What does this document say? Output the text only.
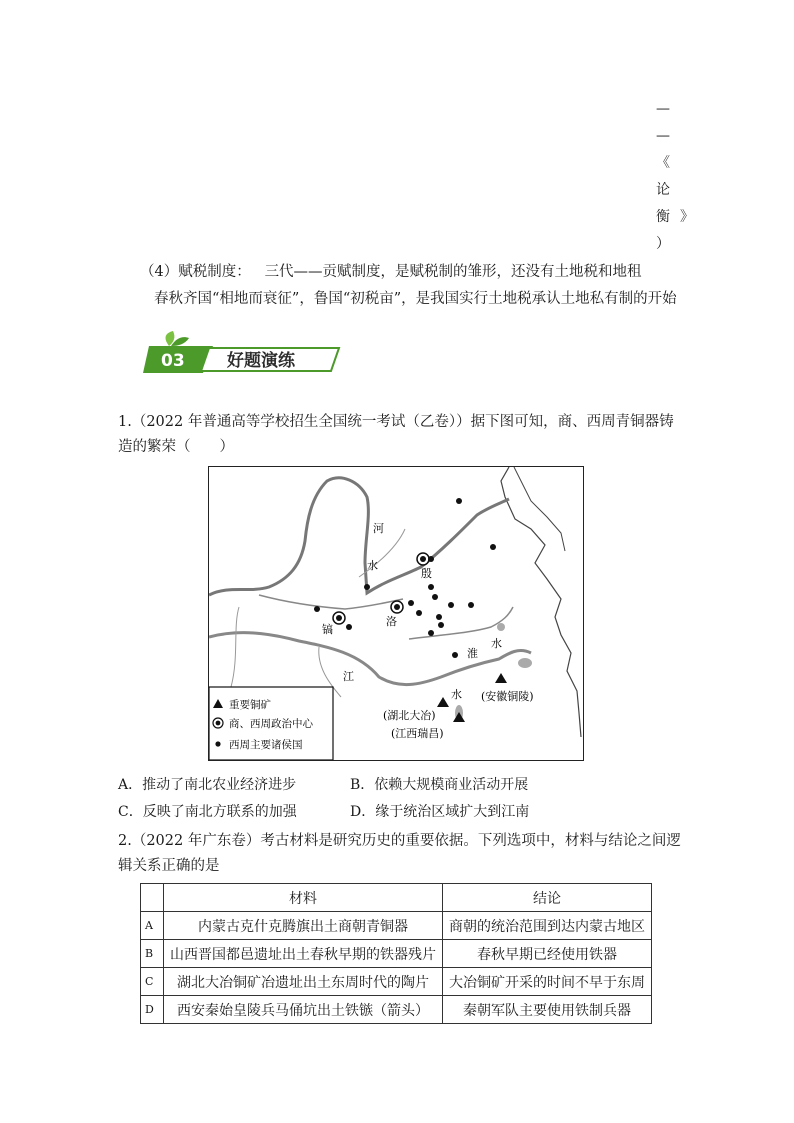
—
—
《
论
衡 》
）
（4）赋税制度： 三代——贡赋制度，是赋税制的雏形，还没有土地税和地租
春秋齐国“相地而衰征”，鲁国“初税亩”，是我国实行土地税承认土地私有制的开始
03 好题演练
1.（2022 年普通高等学校招生全国统一考试（乙卷））据下图可知，商、西周青铜器铸造的繁荣（　　）
河
水
殷
镐
洛
淮
水
江
水 (安徽铜陵)
(湖北大冶)
(江西瑞昌)
重要铜矿
商、西周政治中心
西周主要诸侯国
A．推动了南北农业经济进步	B．依赖大规模商业活动开展
C．反映了南北方联系的加强	D．缘于统治区域扩大到江南
2.（2022 年广东卷）考古材料是研究历史的重要依据。下列选项中，材料与结论之间逻辑关系正确的是
	材料	结论
A	内蒙古克什克腾旗出土商朝青铜器	商朝的统治范围到达内蒙古地区
B	山西晋国都邑遗址出土春秋早期的铁器残片	春秋早期已经使用铁器
C	湖北大冶铜矿冶遗址出土东周时代的陶片	大冶铜矿开采的时间不早于东周
D	西安秦始皇陵兵马俑坑出土铁镞（箭头）	秦朝军队主要使用铁制兵器
